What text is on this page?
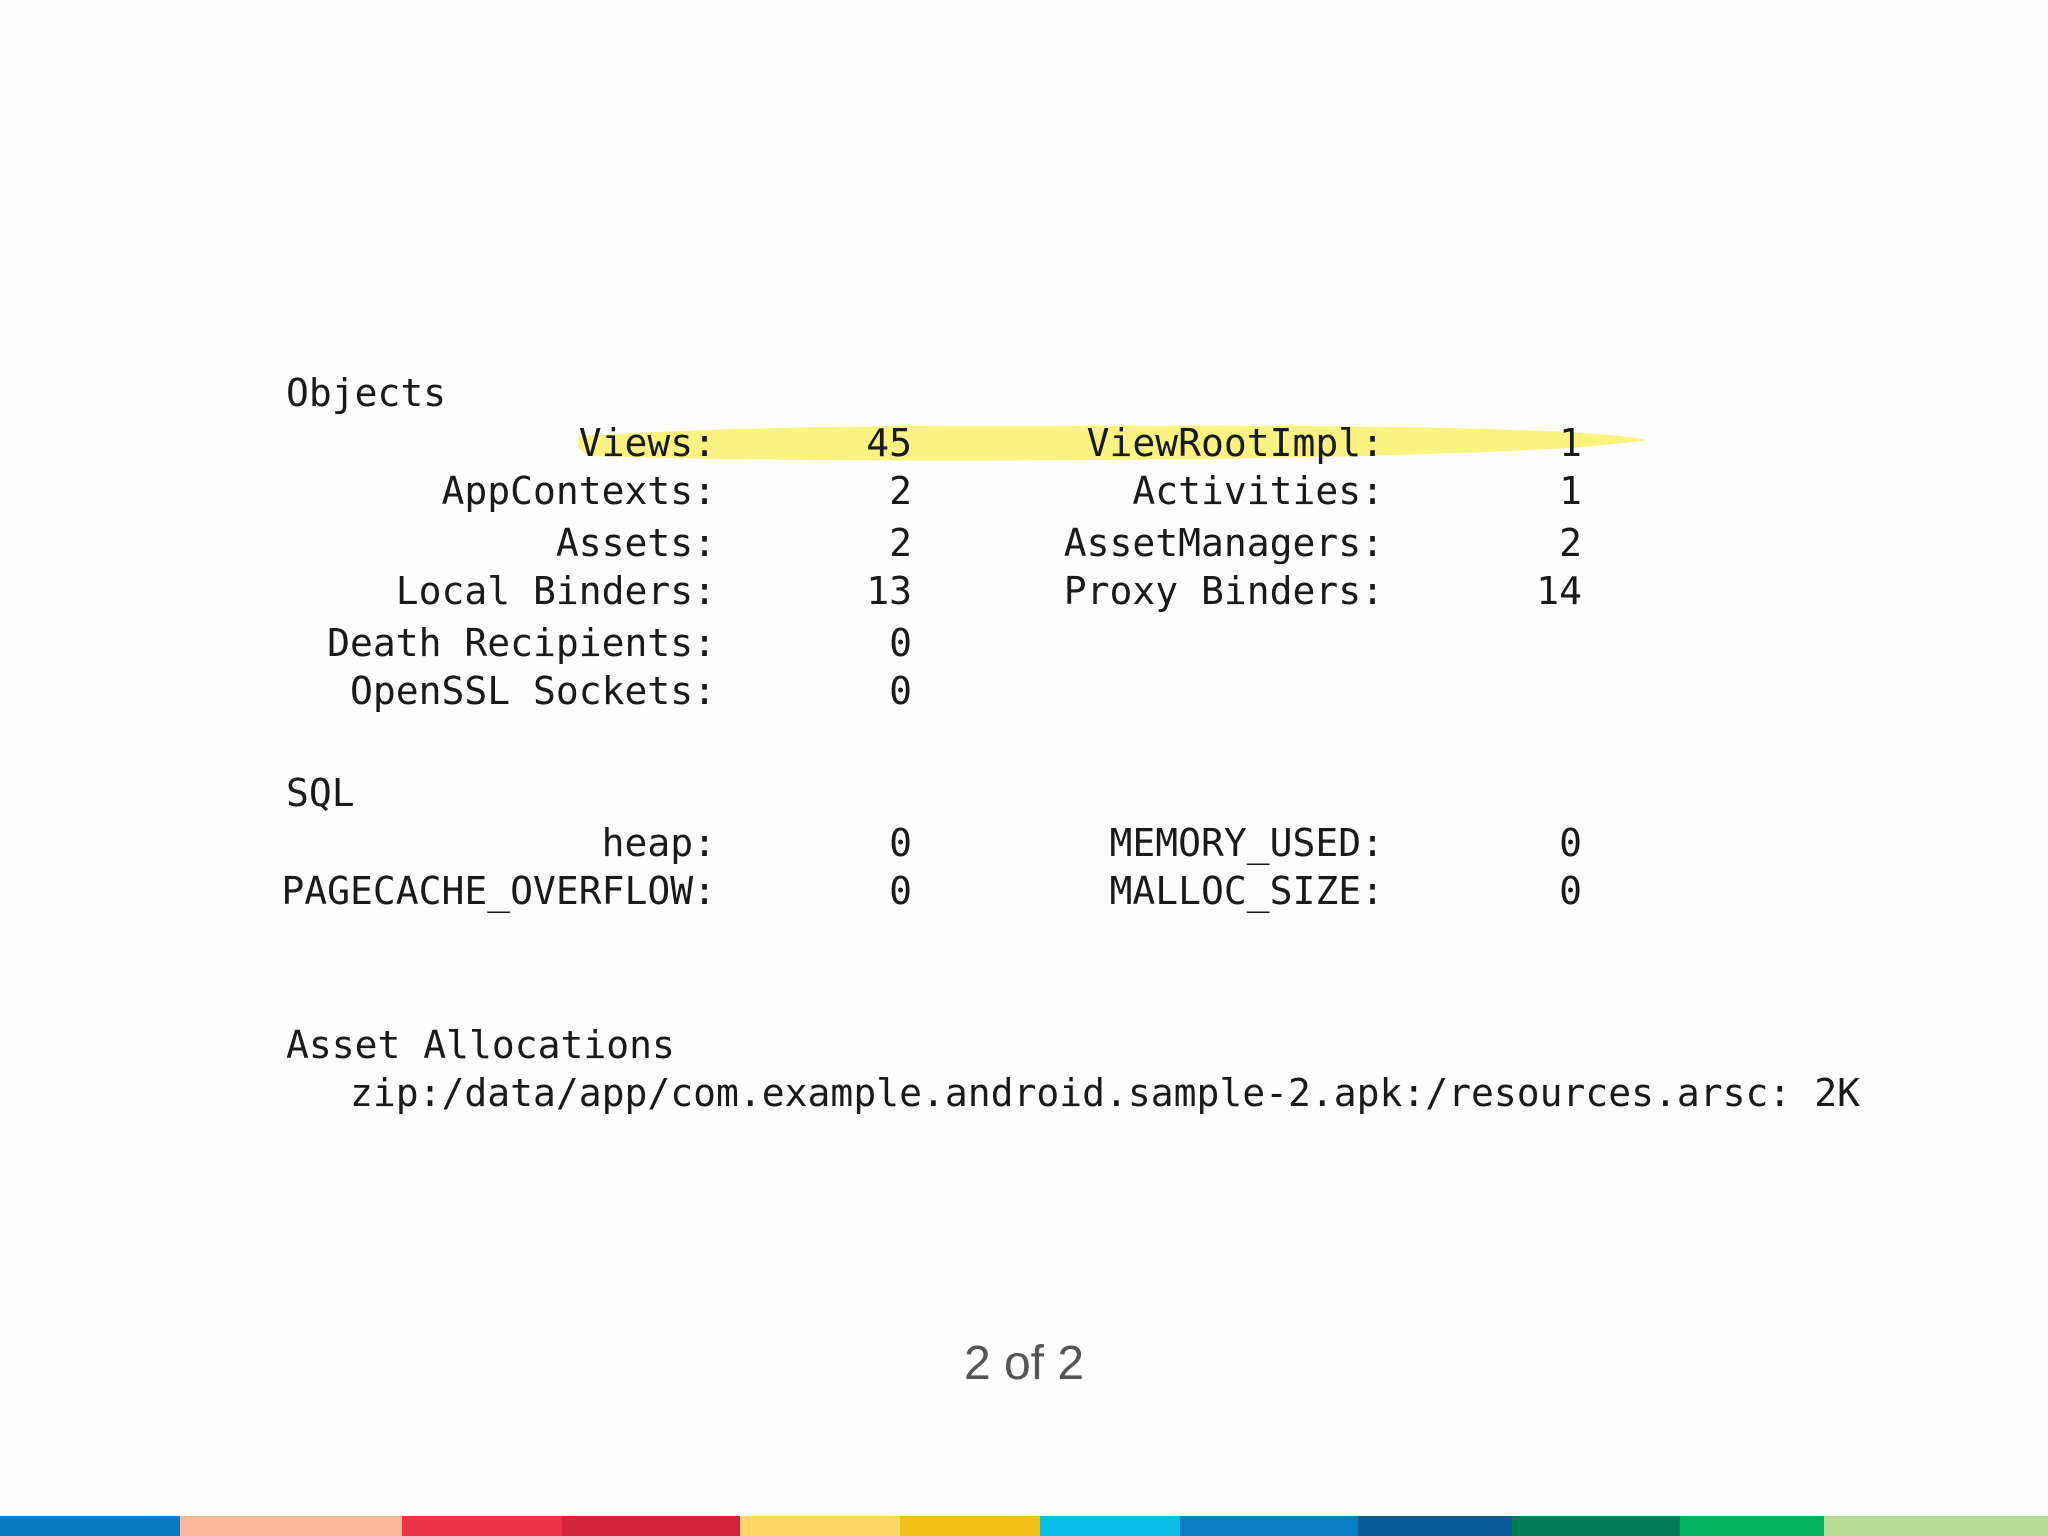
Objects
Views:	45	ViewRootImpl:	1
AppContexts:	2	Activities:	1
Assets:	2	AssetManagers:	2
Local Binders:	13	Proxy Binders:	14
Death Recipients:	0
OpenSSL Sockets:	0
SQL
heap:	0	MEMORY_USED:	0
PAGECACHE_OVERFLOW:	0	MALLOC_SIZE:	0
Asset Allocations
zip:/data/app/com.example.android.sample-2.apk:/resources.arsc: 2K
2 of 2
